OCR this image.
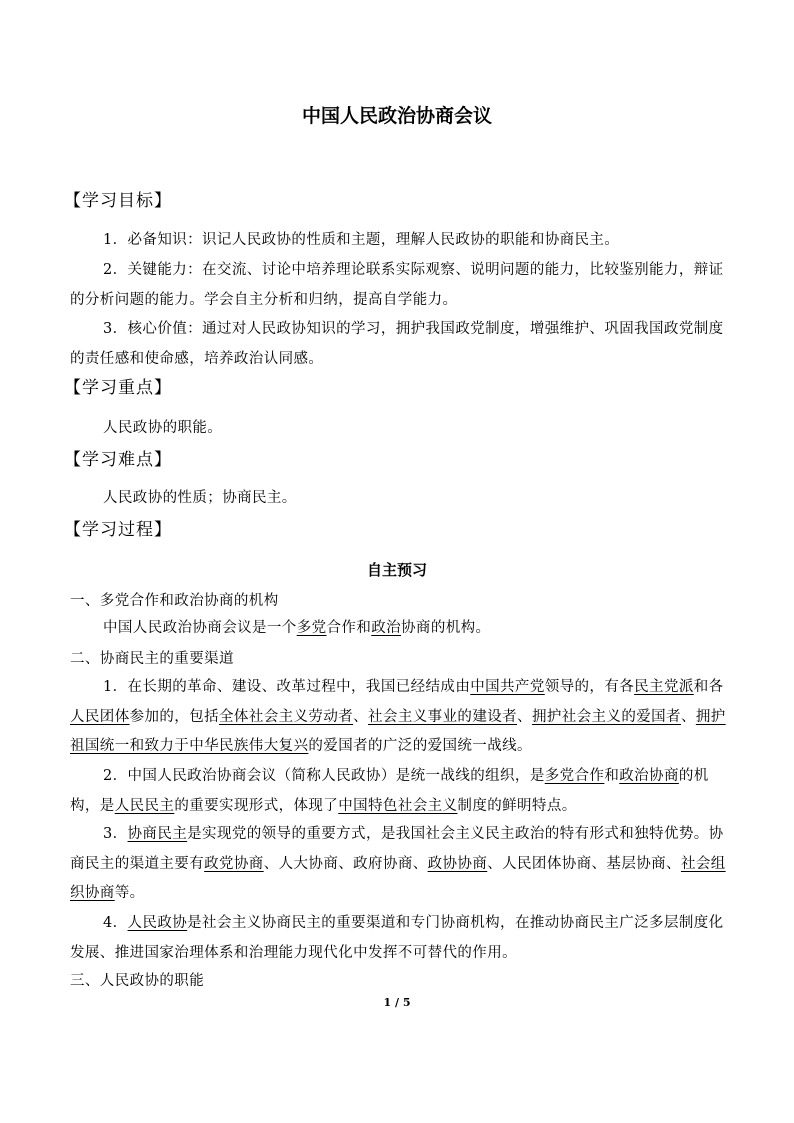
中国人民政治协商会议
【学习目标】

1．必备知识：识记人民政协的性质和主题，理解人民政协的职能和协商民主。

2．关键能力：在交流、讨论中培养理论联系实际观察、说明问题的能力，比较鉴别能力，辩证的分析问题的能力。学会自主分析和归纳，提高自学能力。

3．核心价值：通过对人民政协知识的学习，拥护我国政党制度，增强维护、巩固我国政党制度的责任感和使命感，培养政治认同感。

【学习重点】

人民政协的职能。

【学习难点】

人民政协的性质；协商民主。

【学习过程】
自主预习
一、多党合作和政治协商的机构

中国人民政治协商会议是一个多党合作和政治协商的机构。

二、协商民主的重要渠道

1．在长期的革命、建设、改革过程中，我国已经结成由中国共产党领导的，有各民主党派和各人民团体参加的，包括全体社会主义劳动者、社会主义事业的建设者、拥护社会主义的爱国者、拥护祖国统一和致力于中华民族伟大复兴的爱国者的广泛的爱国统一战线。

2．中国人民政治协商会议（简称人民政协）是统一战线的组织，是多党合作和政治协商的机构，是人民民主的重要实现形式，体现了中国特色社会主义制度的鲜明特点。

3．协商民主是实现党的领导的重要方式，是我国社会主义民主政治的特有形式和独特优势。协商民主的渠道主要有政党协商、人大协商、政府协商、政协协商、人民团体协商、基层协商、社会组织协商等。

4．人民政协是社会主义协商民主的重要渠道和专门协商机构，在推动协商民主广泛多层制度化发展、推进国家治理体系和治理能力现代化中发挥不可替代的作用。

三、人民政协的职能
1 / 5
